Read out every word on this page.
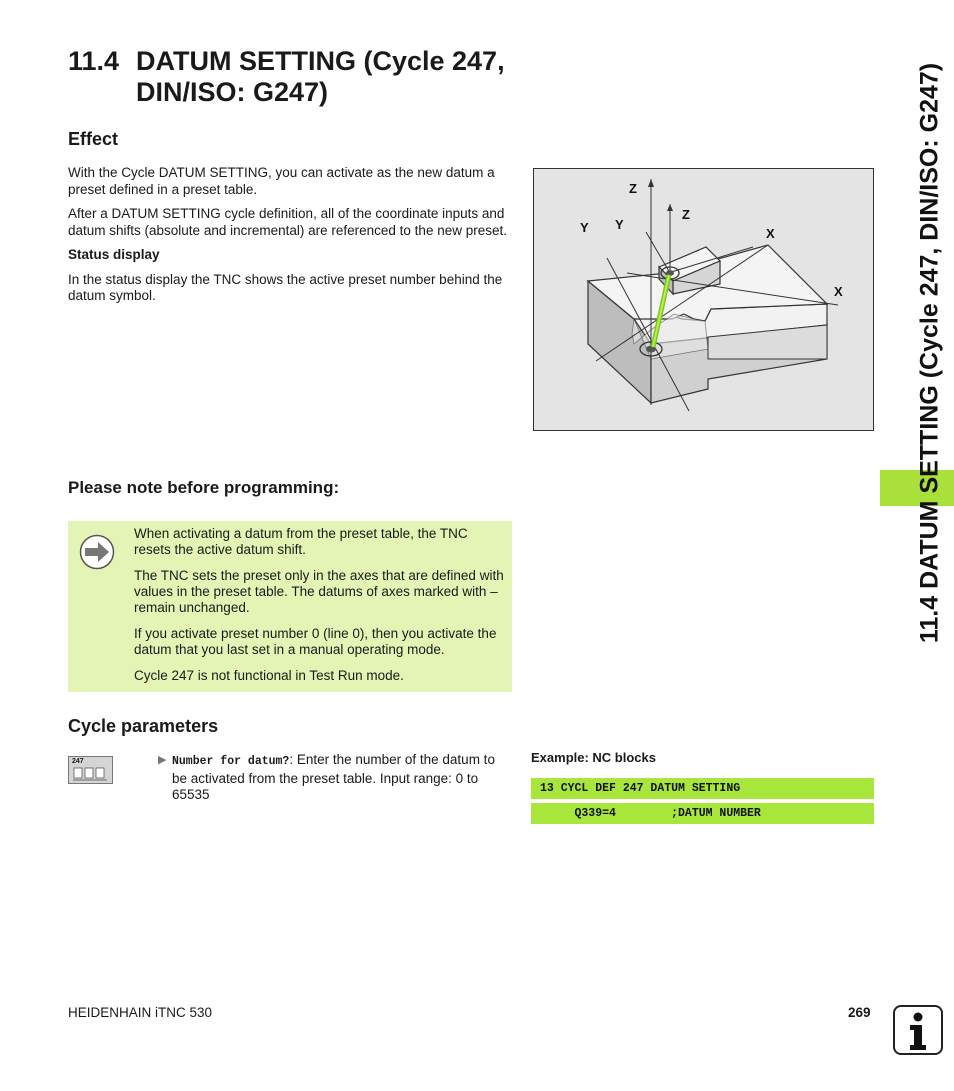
11.4 DATUM SETTING (Cycle 247,
DIN/ISO: G247)
Effect

With the Cycle DATUM SETTING, you can activate as the new datum a preset defined in a preset table.

After a DATUM SETTING cycle definition, all of the coordinate inputs and datum shifts (absolute and incremental) are referenced to the new preset.

Status display

In the status display the TNC shows the active preset number behind the datum symbol.

Z
Y Y
Z
X
X
Please note before programming:

When activating a datum from the preset table, the TNC resets the active datum shift.

The TNC sets the preset only in the axes that are defined with values in the preset table. The datums of axes marked with – remain unchanged.

If you activate preset number 0 (line 0), then you activate the datum that you last set in a manual operating mode.

Cycle 247 is not functional in Test Run mode.

Cycle parameters
247	▶ Number for datum?: Enter the number of the datum to be activated from the preset table. Input range: 0 to 65535
Example: NC blocks
13 CYCL DEF 247 DATUM SETTING
Q339=4        ;DATUM NUMBER
11.4 DATUM SETTING (Cycle 247, DIN/ISO: G247)
HEIDENHAIN iTNC 530	269
